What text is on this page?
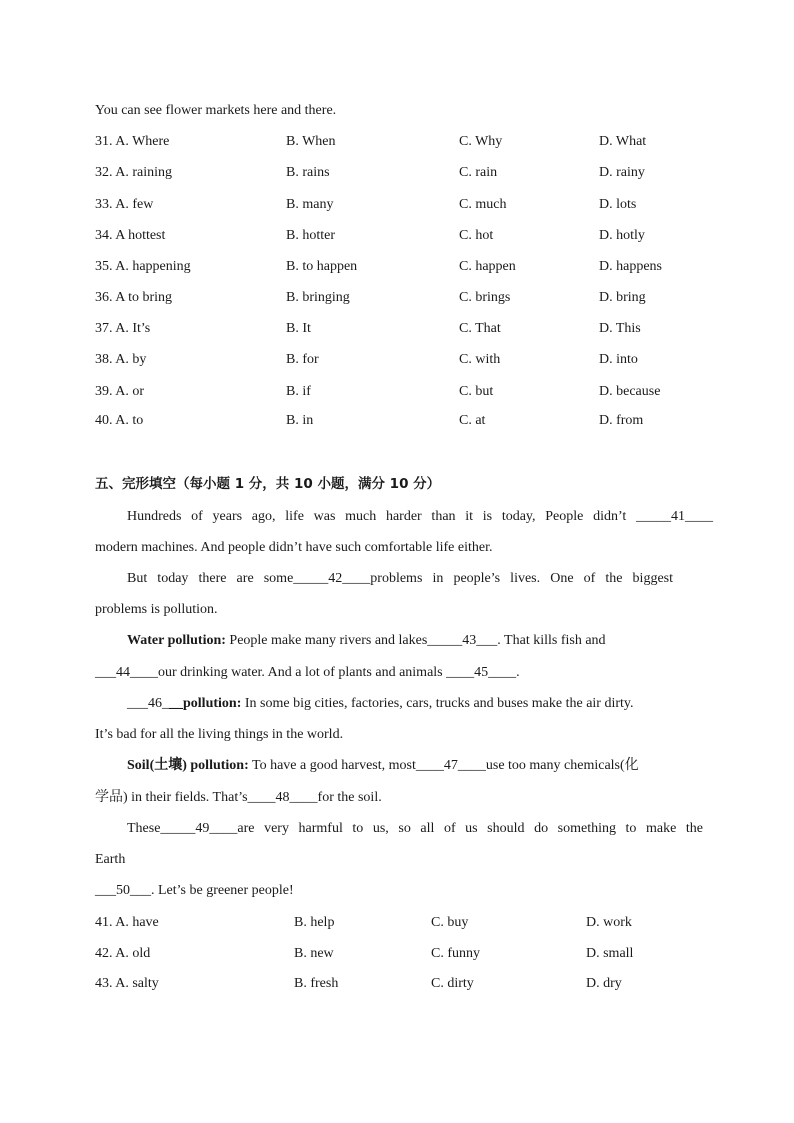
You can see flower markets here and there.
31. A. Where	B. When	C. Why	D. What
32. A. raining	B. rains	C. rain	D. rainy
33. A. few	B. many	C. much	D. lots
34. A hottest	B. hotter	C. hot	D. hotly
35. A. happening	B. to happen	C. happen	D. happens
36. A to bring	B. bringing	C. brings	D. bring
37. A. It’s	B. It	C. That	D. This
38. A. by	B. for	C. with	D. into
39. A. or	B. if	C. but	D. because
40. A. to	B. in	C. at	D. from
五、完形填空（每小题 1 分，共 10 小题，满分 10 分）
Hundreds of years ago, life was much harder than it is today, People didn’t _____41____
modern machines. And people didn’t have such comfortable life either.
But today there are some_____42____problems in people’s lives. One of the biggest
problems is pollution.
Water pollution: People make many rivers and lakes_____43___. That kills fish and
___44____our drinking water. And a lot of plants and animals ____45____.
___46___pollution: In some big cities, factories, cars, trucks and buses make the air dirty.
It’s bad for all the living things in the world.
Soil(土壤) pollution: To have a good harvest, most____47____use too many chemicals(化
学品) in their fields. That’s____48____for the soil.
These_____49____are very harmful to us, so all of us should do something to make the
Earth
___50___. Let’s be greener people!
41. A. have	B. help	C. buy	D. work
42. A. old	B. new	C. funny	D. small
43. A. salty	B. fresh	C. dirty	D. dry
